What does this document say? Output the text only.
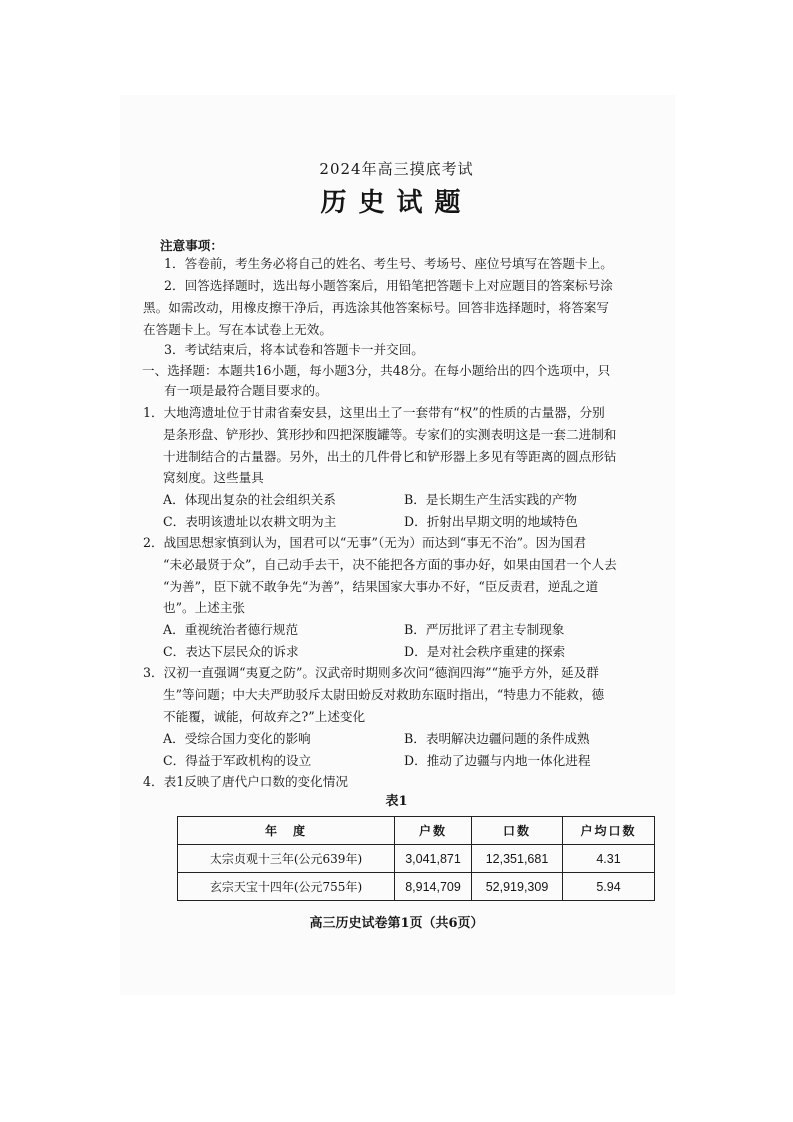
2024年高三摸底考试
历史试题
注意事项：
1．答卷前，考生务必将自己的姓名、考生号、考场号、座位号填写在答题卡上。
2．回答选择题时，选出每小题答案后，用铅笔把答题卡上对应题目的答案标号涂
黑。如需改动，用橡皮擦干净后，再选涂其他答案标号。回答非选择题时，将答案写
在答题卡上。写在本试卷上无效。
3．考试结束后，将本试卷和答题卡一并交回。
一、选择题：本题共16小题，每小题3分，共48分。在每小题给出的四个选项中，只
有一项是最符合题目要求的。
1．大地湾遗址位于甘肃省秦安县，这里出土了一套带有“权”的性质的古量器，分别
是条形盘、铲形抄、箕形抄和四把深腹罐等。专家们的实测表明这是一套二进制和
十进制结合的古量器。另外，出土的几件骨匕和铲形器上多见有等距离的圆点形钻
窝刻度。这些量具
A．体现出复杂的社会组织关系	B．是长期生产生活实践的产物
C．表明该遗址以农耕文明为主	D．折射出早期文明的地域特色
2．战国思想家慎到认为，国君可以“无事”（无为）而达到“事无不治”。因为国君
“未必最贤于众”，自己动手去干，决不能把各方面的事办好，如果由国君一个人去
“为善”，臣下就不敢争先“为善”，结果国家大事办不好，“臣反责君，逆乱之道
也”。上述主张
A．重视统治者德行规范	B．严厉批评了君主专制现象
C．表达下层民众的诉求	D．是对社会秩序重建的探索
3．汉初一直强调“夷夏之防”。汉武帝时期则多次问“德润四海”“施乎方外，延及群
生”等问题；中大夫严助驳斥太尉田蚡反对救助东瓯时指出，“特患力不能救，德
不能覆，诚能，何故弃之?”上述变化
A．受综合国力变化的影响	B．表明解决边疆问题的条件成熟
C．得益于军政机构的设立	D．推动了边疆与内地一体化进程
4．表1反映了唐代户口数的变化情况
表1
年　度	户数	口数	户均口数
太宗贞观十三年(公元639年)	3,041,871	12,351,681	4.31
玄宗天宝十四年(公元755年)	8,914,709	52,919,309	5.94
高三历史试卷第1页（共6页）
